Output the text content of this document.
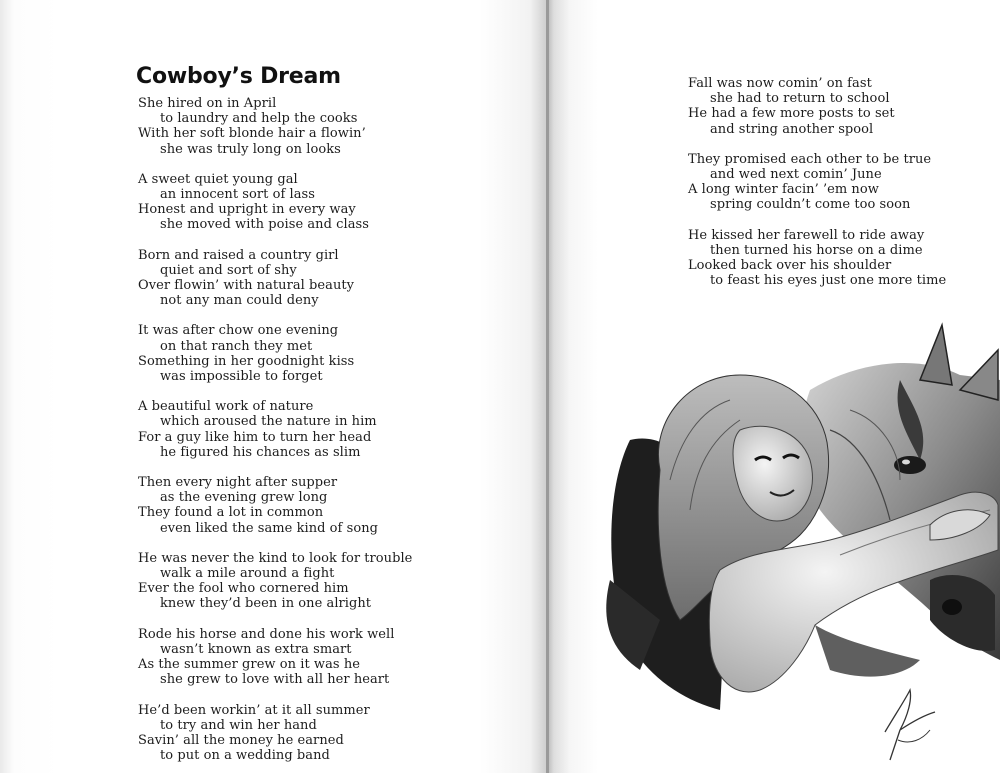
Cowboy’s Dream
She hired on in April
to laundry and help the cooks
With her soft blonde hair a flowin’
she was truly long on looks
A sweet quiet young gal
an innocent sort of lass
Honest and upright in every way
she moved with poise and class
Born and raised a country girl
quiet and sort of shy
Over flowin’ with natural beauty
not any man could deny
It was after chow one evening
on that ranch they met
Something in her goodnight kiss
was impossible to forget
A beautiful work of nature
which aroused the nature in him
For a guy like him to turn her head
he figured his chances as slim
Then every night after supper
as the evening grew long
They found a lot in common
even liked the same kind of song
He was never the kind to look for trouble
walk a mile around a fight
Ever the fool who cornered him
knew they’d been in one alright
Rode his horse and done his work well
wasn’t known as extra smart
As the summer grew on it was he
she grew to love with all her heart
He’d been workin’ at it all summer
to try and win her hand
Savin’ all the money he earned
to put on a wedding band
Fall was now comin’ on fast
she had to return to school
He had a few more posts to set
and string another spool
They promised each other to be true
and wed next comin’ June
A long winter facin’ ’em now
spring couldn’t come too soon
He kissed her farewell to ride away
then turned his horse on a dime
Looked back over his shoulder
to feast his eyes just one more time
